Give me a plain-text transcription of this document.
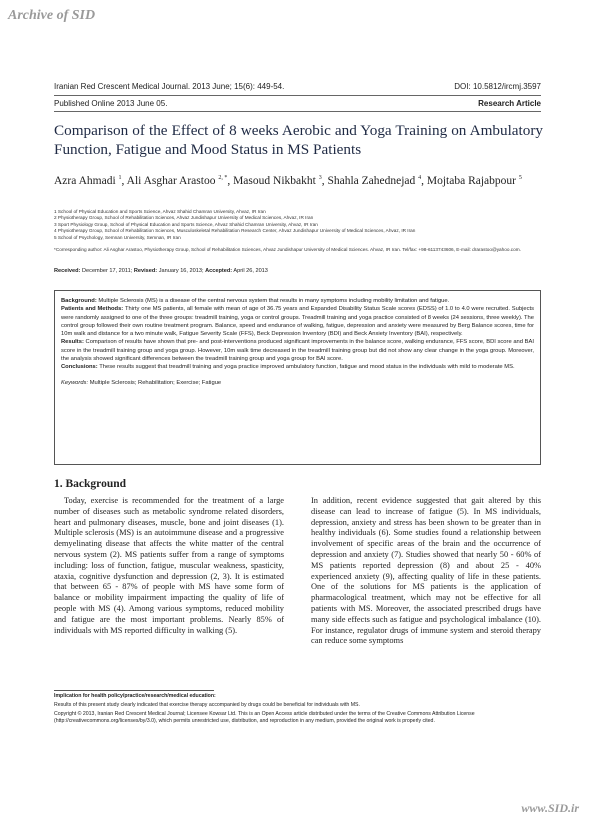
Archive of SID
Iranian Red Crescent Medical Journal. 2013 June; 15(6): 449-54.	DOI: 10.5812/ircmj.3597
Published Online 2013 June 05.	Research Article
Comparison of the Effect of 8 weeks Aerobic and Yoga Training on Ambulatory Function, Fatigue and Mood Status in MS Patients
Azra Ahmadi $^1$, Ali Asghar Arastoo $^{2, *}$, Masoud Nikbakht $^3$, Shahla Zahednejad $^4$, Mojtaba Rajabpour $^5$
1 School of Physical Education and Sports Science, Ahvaz Shahid Chamran University, Ahvaz, IR Iran
2 Physiotherapy Group, School of Rehabilitation Sciences, Ahvaz Jundishapur University of Medical Sciences, Ahvaz, IR Iran
3 Sport Physiology Group, School of Physical Education and Sports Science, Ahvaz Shahid Chamran University, Ahvaz, IR Iran
4 Physiotherapy Group, School of Rehabilitation Sciences, Musculoskeletal Rehabilitation Research Center, Ahvaz Jundishapur University of Medical Sciences, Ahvaz, IR Iran
5 School of Psychology, Semnan University, Semnan, IR Iran
*Corresponding author: Ali Asghar Arastoo, Physiotherapy Group, School of Rehabilitation Sciences, Ahvaz Jundishapur University of Medical Sciences. Ahvaz, IR Iran. Tel/fax: +98-6113743606, E-mail: drarastoo@yahoo.com.
Received: December 17, 2011; Revised: January 16, 2013; Accepted: April 26, 2013

Background: Multiple Sclerosis (MS) is a disease of the central nervous system that results in many symptoms including mobility limitation and fatigue.

Patients and Methods: Thirty one MS patients, all female with mean of age of 36.75 years and Expanded Disability Status Scale scores (EDSS) of 1.0 to 4.0 were recruited. Subjects were randomly assigned to one of the three groups: treadmill training, yoga or control groups. Treadmill training and yoga practice consisted of 8 weeks (24 sessions, three weekly). The control group followed their own routine treatment program. Balance, speed and endurance of walking, fatigue, depression and anxiety were measured by Berg Balance scores, time for 10m walk and distance for a two minute walk, Fatigue Severity Scale (FFS), Beck Depression Inventory (BDI) and Beck Anxiety Inventory (BAI), respectively.

Results: Comparison of results have shown that pre- and post-interventions produced significant improvements in the balance score, walking endurance, FFS score, BDI score and BAI score in the treadmill training group and yoga group. However, 10m walk time decreased in the treadmill training group but did not show any clear change in the yoga group. Moreover, the analysis showed significant differences between the treadmill training group and yoga group for BAI score.

Conclusions: These results suggest that treadmill training and yoga practice improved ambulatory function, fatigue and mood status in the individuals with mild to moderate MS.

Keywords: Multiple Sclerosis; Rehabilitation; Exercise; Fatigue

1. Background

Today, exercise is recommended for the treatment of a large number of diseases such as metabolic syndrome related disorders, heart and pulmonary diseases, muscle, bone and joint diseases (1). Multiple sclerosis (MS) is an autoimmune disease and a progressive demyelinating disease that affects the white matter of the central nervous system (2). MS patients suffer from a range of symptoms including: loss of function, fatigue, muscular weakness, spasticity, ataxia, cognitive dysfunction and depression (2, 3). It is estimated that between 65 - 87% of people with MS have some form of balance or mobility impairment impacting the quality of life of people with MS (4). Among various symptoms, reduced mobility and fatigue are the most important problems. Nearly 85% of individuals with MS reported difficulty in walking (5).

In addition, recent evidence suggested that gait altered by this disease can lead to increase of fatigue (5). In MS individuals, depression, anxiety and stress has been shown to be greater than in healthy individuals (6). Some studies found a relationship between involvement of specific areas of the brain and the occurrence of depression and anxiety (7). Studies showed that nearly 50 - 60% of MS patients reported depression (8) and about 25 - 40% experienced anxiety (9), affecting quality of life in these patients. One of the solutions for MS patients is the application of pharmacological treatment, which may not be effective for all patients with MS. Moreover, the associated prescribed drugs have many side effects such as fatigue and psychological imbalance (10). For instance, regulator drugs of immune system and steroid therapy can reduce some symptoms

Implication for health policy/practice/research/medical education:

Results of this present study clearly indicated that exercise therapy accompanied by drugs could be beneficial for individuals with MS.

Copyright © 2013, Iranian Red Crescent Medical Journal; Licensee Kowsar Ltd. This is an Open Access article distributed under the terms of the Creative Commons Attribution License (http://creativecommons.org/licenses/by/3.0), which permits unrestricted use, distribution, and reproduction in any medium, provided the original work is properly cited.

www.SID.ir
